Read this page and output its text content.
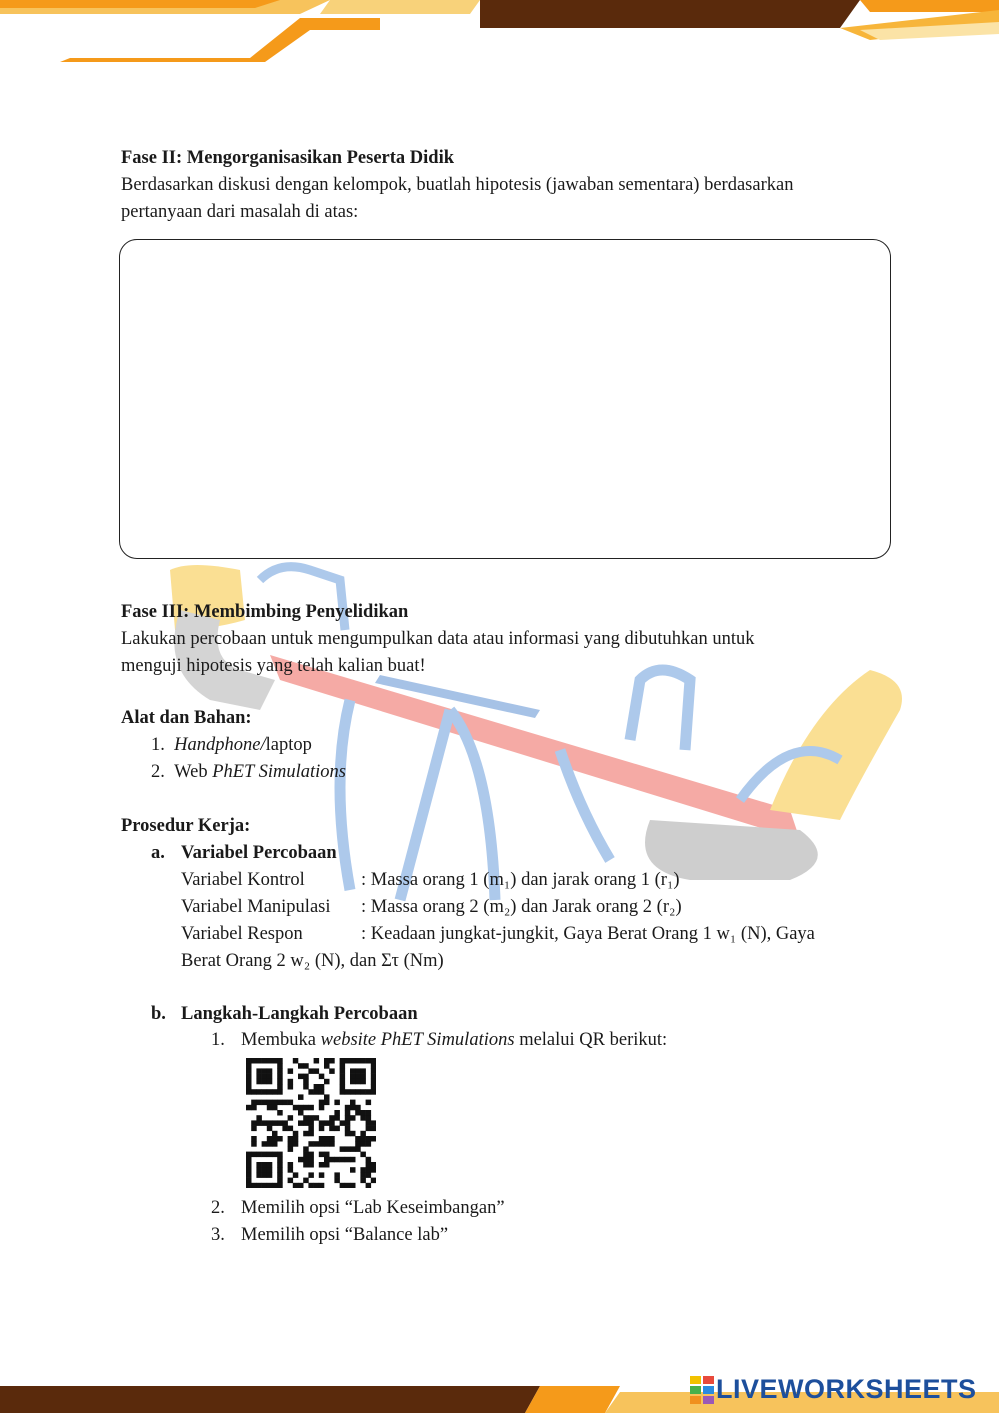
Fase II: Mengorganisasikan Peserta Didik
Berdasarkan diskusi dengan kelompok, buatlah hipotesis (jawaban sementara) berdasarkan
pertanyaan dari masalah di atas:
Fase III: Membimbing Penyelidikan
Lakukan percobaan untuk mengumpulkan data atau informasi yang dibutuhkan untuk
menguji hipotesis yang telah kalian buat!
Alat dan Bahan:
1. Handphone/laptop
2. Web PhET Simulations
Prosedur Kerja:
a. Variabel Percobaan
Variabel Kontrol	: Massa orang 1 (m₁) dan jarak orang 1 (r₁)
Variabel Manipulasi : Massa orang 2 (m₂) dan Jarak orang 2 (r₂)
Variabel Respon	: Keadaan jungkat-jungkit, Gaya Berat Orang 1 w₁ (N), Gaya
Berat Orang 2 w₂ (N), dan Στ (Nm)
b. Langkah-Langkah Percobaan
1. Membuka website PhET Simulations melalui QR berikut:
2. Memilih opsi “Lab Keseimbangan”
3. Memilih opsi “Balance lab”
LIVEWORKSHEETS
